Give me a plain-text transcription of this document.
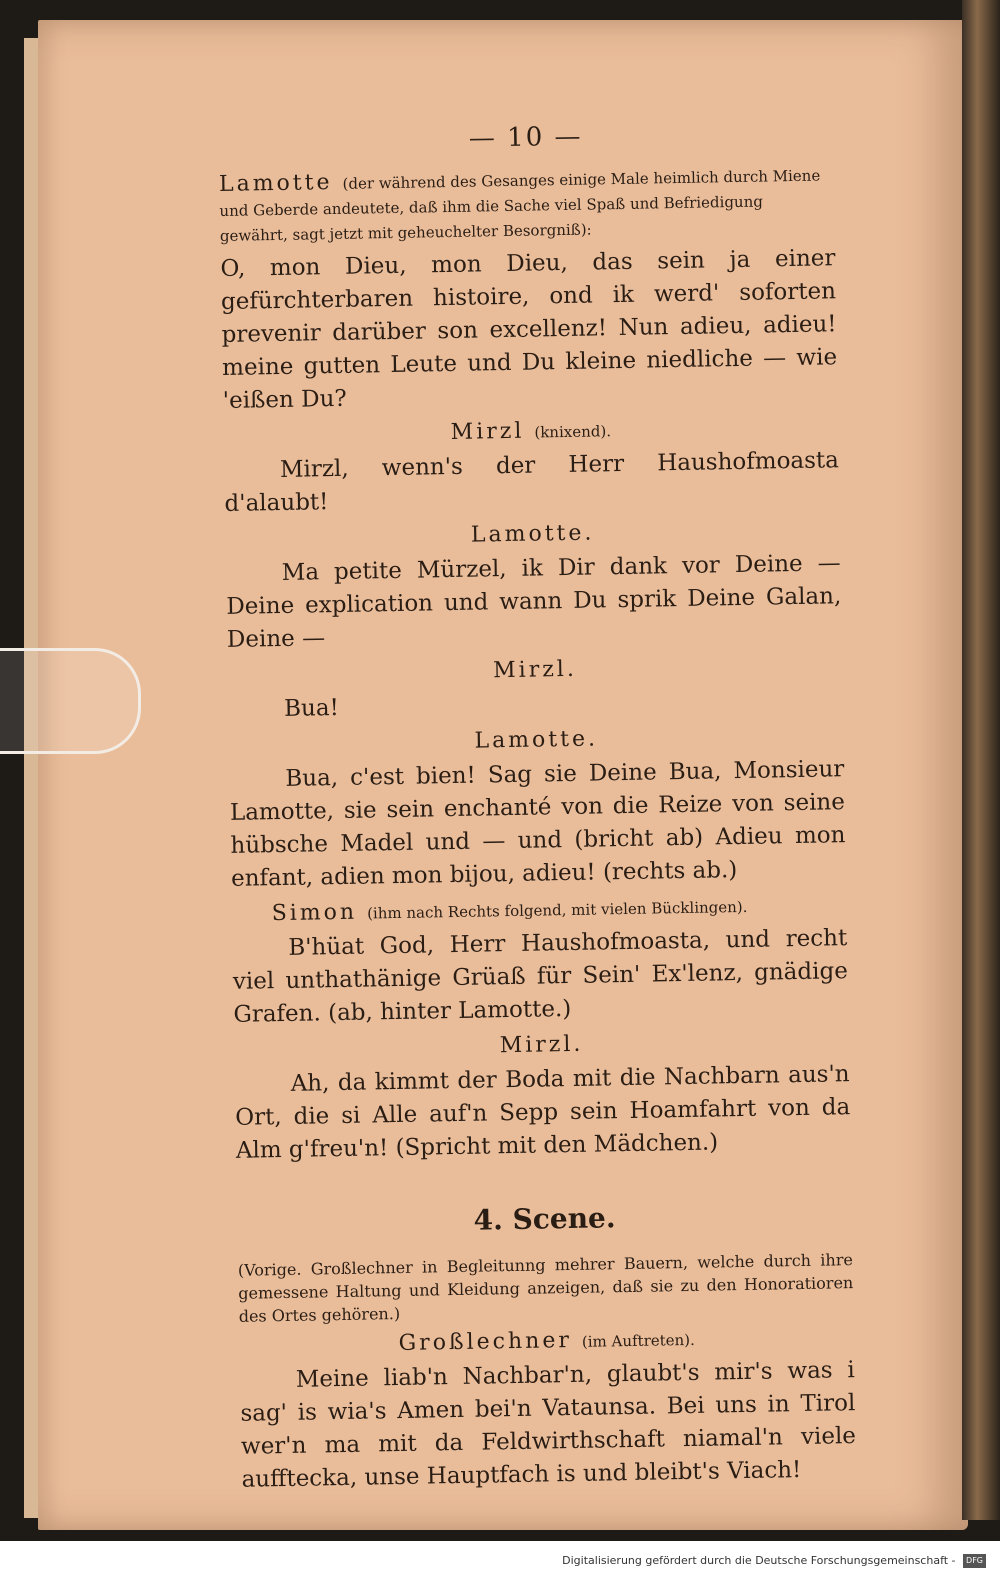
— 10 —
Lamotte (der während des Gesanges einige Male heimlich durch Miene und Geberde andeutete, daß ihm die Sache viel Spaß und Befriedigung gewährt, sagt jetzt mit geheuchelter Besorgniß):

O, mon Dieu, mon Dieu, das sein ja einer gefürchterbaren histoire, ond ik werd' soforten prevenir darüber son excellenz! Nun adieu, adieu! meine gutten Leute und Du kleine niedliche — wie 'eißen Du?

Mirzl (knixend).

Mirzl, wenn's der Herr Haushofmoasta d'alaubt!

Lamotte.

Ma petite Mürzel, ik Dir dank vor Deine — Deine explication und wann Du sprik Deine Galan, Deine —

Mirzl.

Bua!

Lamotte.

Bua, c'est bien! Sag sie Deine Bua, Monsieur Lamotte, sie sein enchanté von die Reize von seine hübsche Madel und — und (bricht ab) Adieu mon enfant, adien mon bijou, adieu! (rechts ab.)

Simon (ihm nach Rechts folgend, mit vielen Bücklingen).

B'hüat God, Herr Haushofmoasta, und recht viel unthathänige Grüaß für Sein' Ex'lenz, gnädige Grafen. (ab, hinter Lamotte.)

Mirzl.

Ah, da kimmt der Boda mit die Nachbarn aus'n Ort, die si Alle auf'n Sepp sein Hoamfahrt von da Alm g'freu'n! (Spricht mit den Mädchen.)

4. Scene.

(Vorige. Großlechner in Begleitunng mehrer Bauern, welche durch ihre gemessene Haltung und Kleidung anzeigen, daß sie zu den Honoratioren des Ortes gehören.)

Großlechner (im Auftreten).

Meine liab'n Nachbar'n, glaubt's mir's was i sag' is wia's Amen bei'n Vataunsa. Bei uns in Tirol wer'n ma mit da Feldwirthschaft niamal'n viele aufftecka, unse Hauptfach is und bleibt's Viach!

Digitalisierung gefördert durch die Deutsche Forschungsgemeinschaft - DFG
